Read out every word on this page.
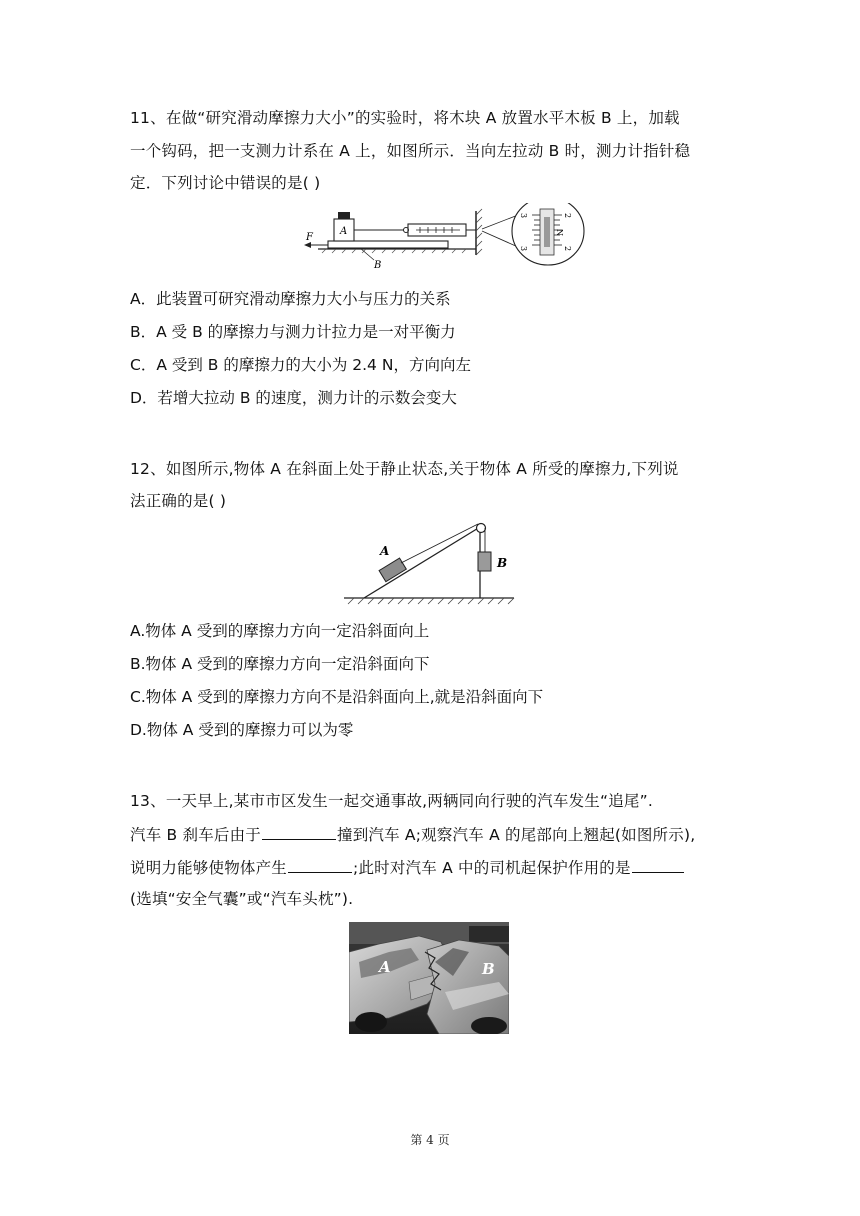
11、在做“研究滑动摩擦力大小”的实验时，将木块 A 放置水平木板 B 上，加载
一个钩码，把一支测力计系在 A 上，如图所示．当向左拉动 B 时，测力计指针稳
定．下列讨论中错误的是( )
F
A
B
3
3
2
2
N
A．此装置可研究滑动摩擦力大小与压力的关系
B．A 受 B 的摩擦力与测力计拉力是一对平衡力
C．A 受到 B 的摩擦力的大小为 2.4 N，方向向左
D．若增大拉动 B 的速度，测力计的示数会变大
12、如图所示,物体 A 在斜面上处于静止状态,关于物体 A 所受的摩擦力,下列说
法正确的是( )
A
B
A.物体 A 受到的摩擦力方向一定沿斜面向上
B.物体 A 受到的摩擦力方向一定沿斜面向下
C.物体 A 受到的摩擦力方向不是沿斜面向上,就是沿斜面向下
D.物体 A 受到的摩擦力可以为零
13、一天早上,某市市区发生一起交通事故,两辆同向行驶的汽车发生“追尾”.
汽车 B 刹车后由于	撞到汽车 A;观察汽车 A 的尾部向上翘起(如图所示),
说明力能够使物体产生	;此时对汽车 A 中的司机起保护作用的是
(选填“安全气囊”或“汽车头枕”).
A	B
第 4 页
